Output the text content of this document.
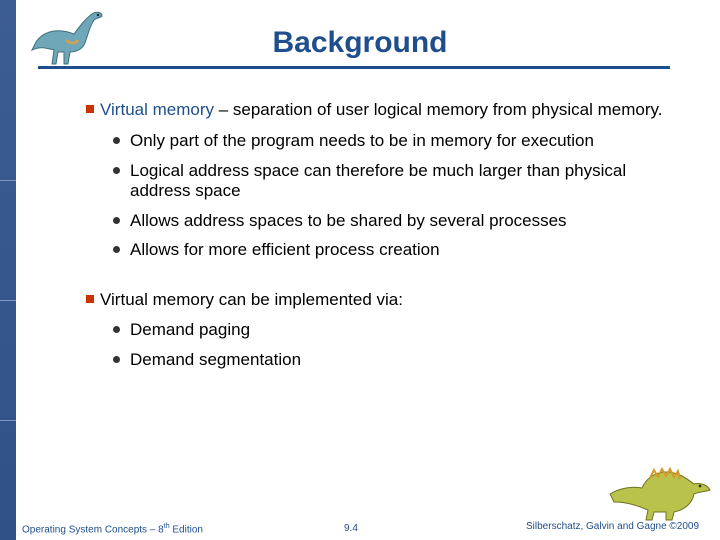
Background
Virtual memory – separation of user logical memory from physical memory.
Only part of the program needs to be in memory for execution
Logical address space can therefore be much larger than physical
address space
Allows address spaces to be shared by several processes
Allows for more efficient process creation
Virtual memory can be implemented via:
Demand paging
Demand segmentation
Operating System Concepts – 8th Edition	9.4	Silberschatz, Galvin and Gagne ©2009
